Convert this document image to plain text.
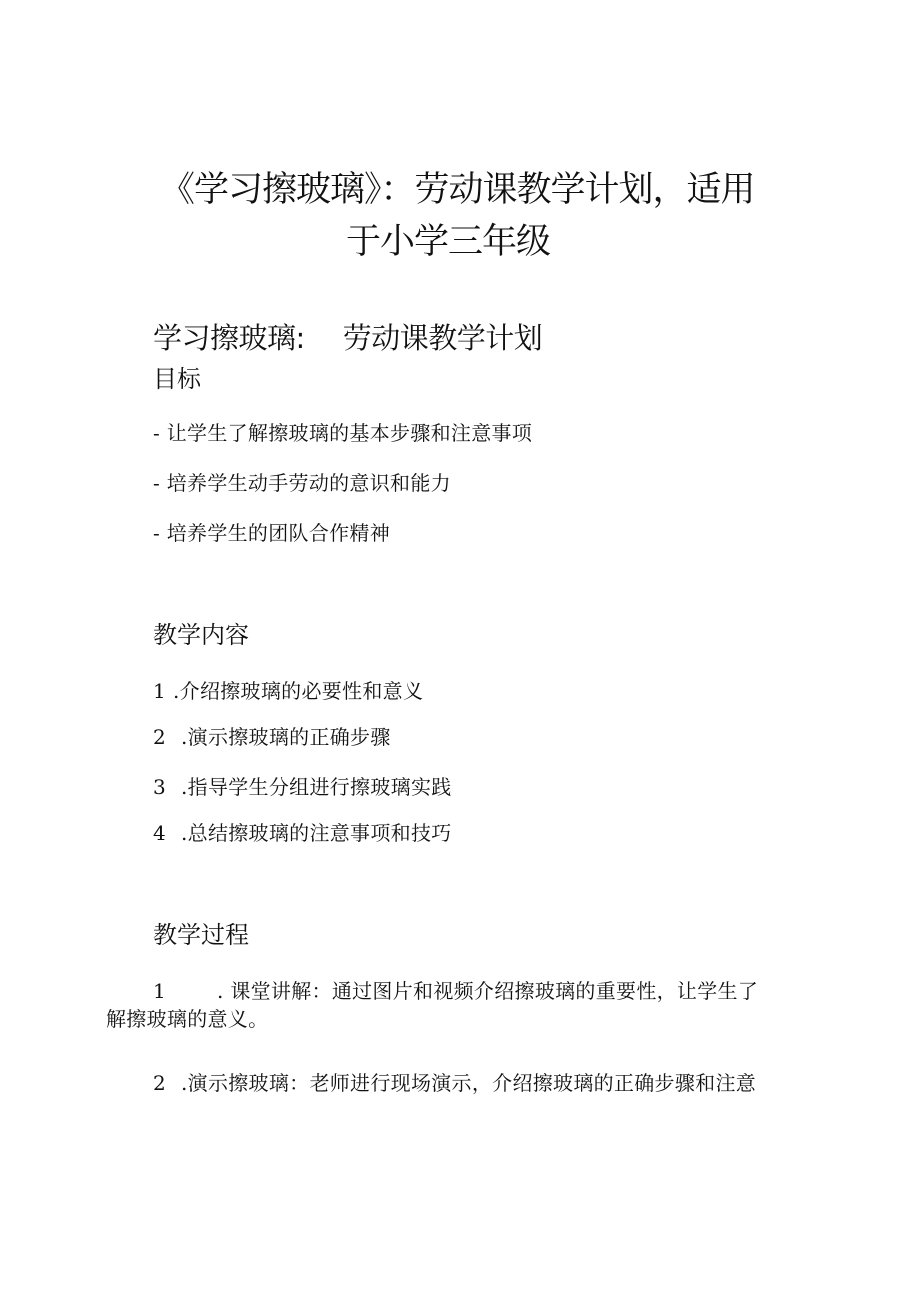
《学习擦玻璃》：劳动课教学计划，适用
于小学三年级
学习擦玻璃: 劳动课教学计划
目标
- 让学生了解擦玻璃的基本步骤和注意事项
- 培养学生动手劳动的意识和能力
- 培养学生的团队合作精神
教学内容
1 .介绍擦玻璃的必要性和意义
2 .演示擦玻璃的正确步骤
3 .指导学生分组进行擦玻璃实践
4 .总结擦玻璃的注意事项和技巧
教学过程
1	. 课堂讲解：通过图片和视频介绍擦玻璃的重要性，让学生了
解擦玻璃的意义。
2 .演示擦玻璃：老师进行现场演示，介绍擦玻璃的正确步骤和注意
